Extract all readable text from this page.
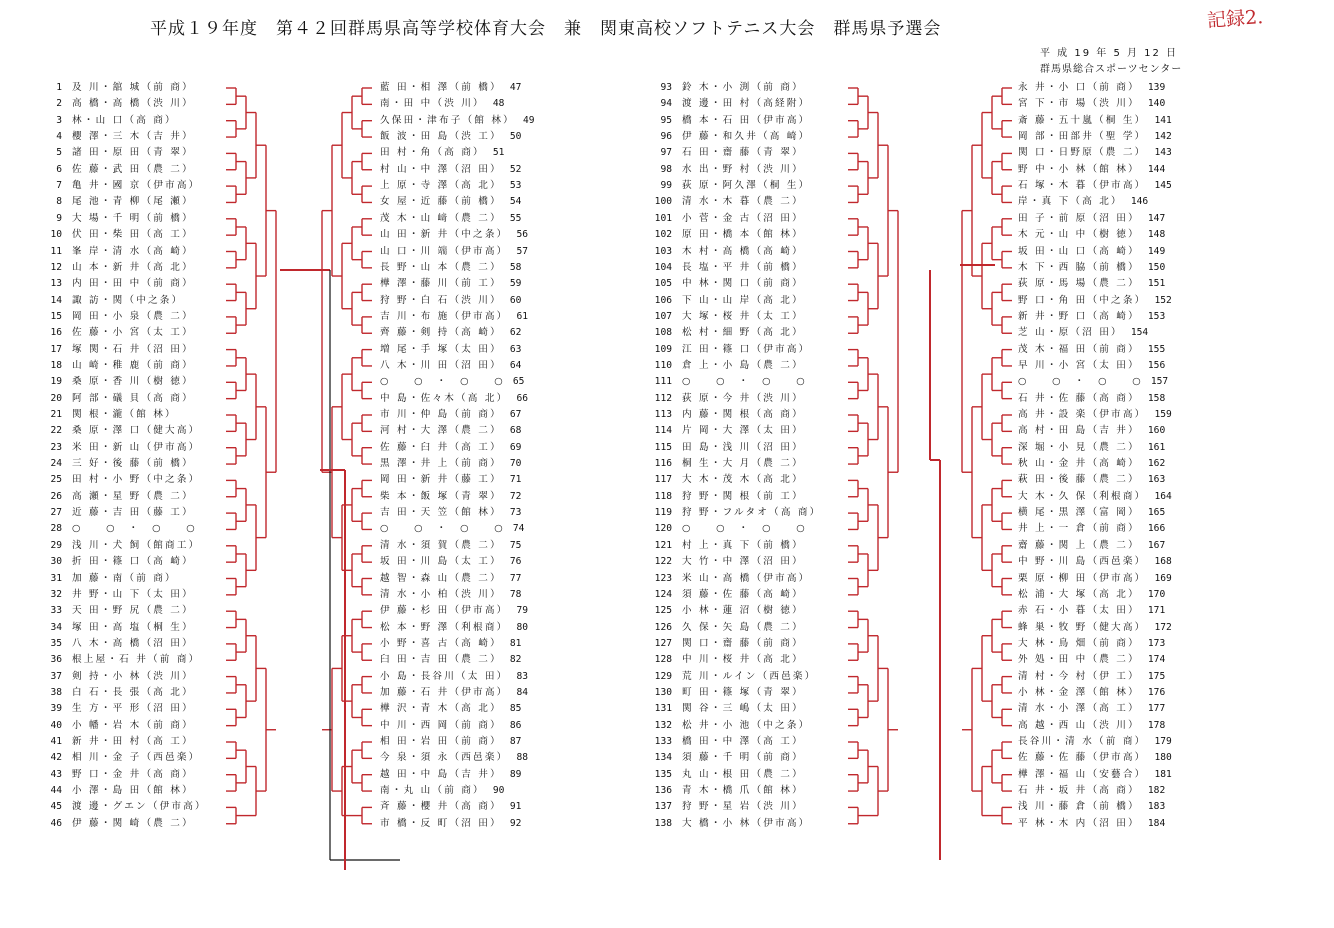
平成１９年度　第４２回群馬県高等学校体育大会　兼　関東高校ソフトテニス大会　群馬県予選会
平 成 19 年 5 月 12 日
群馬県総合スポーツセンター
記録2.
1 及 川・舘 城（前 商）
2 高 橋・高 橋（渋 川）
3 林・山 口（高 商）
4 櫻 澤・三 木（吉 井）
5 諸 田・原 田（青 翠）
6 佐 藤・武 田（農 二）
7 亀 井・國 京（伊市高）
8 尾 池・青 柳（尾 瀬）
9 大 場・千 明（前 橋）
10 伏 田・柴 田（高 工）
11 峯 岸・清 水（高 崎）
12 山 本・新 井（高 北）
13 内 田・田 中（前 商）
14 諏 訪・関（中之条）
15 岡 田・小 泉（農 二）
16 佐 藤・小 宮（太 工）
17 塚 関・石 井（沼 田）
18 山 崎・稚 鹿（前 商）
19 桑 原・香 川（樹 徳）
20 阿 部・礒 貝（高 商）
21 関 根・瀧（館 林）
22 桑 原・澤 口（健大高）
23 米 田・新 山（伊市高）
24 三 好・後 藤（前 橋）
25 田 村・小 野（中之条）
26 高 瀬・星 野（農 二）
27 近 藤・吉 田（藤 工）
28 ○　　○　・　○　　○
29 浅 川・犬 飼（館商工）
30 折 田・篠 口（高 崎）
31 加 藤・南（前 商）
32 井 野・山 下（太 田）
33 天 田・野 尻（農 二）
34 塚 田・高 塩（桐 生）
35 八 木・高 橋（沼 田）
36 根上屋・石 井（前 商）
37 剣 持・小 林（渋 川）
38 白 石・長 張（高 北）
39 生 方・平 形（沼 田）
40 小 幡・岩 木（前 商）
41 新 井・田 村（高 工）
42 相 川・金 子（西邑楽）
43 野 口・金 井（高 商）
44 小 澤・島 田（館 林）
45 渡 邊・グエン（伊市高）
46 伊 藤・関 崎（農 二）
藍 田・相 澤（前 橋） 47
南・田 中（渋 川） 48
久保田・津布子（館 林） 49
飯 波・田 島（渋 工） 50
田 村・角（高 商） 51
村 山・中 澤（沼 田） 52
上 原・寺 澤（高 北） 53
女 屋・近 藤（前 橋） 54
茂 木・山 﨑（農 二） 55
山 田・新 井（中之条） 56
山 口・川 端（伊市高） 57
長 野・山 本（農 二） 58
樺 澤・藤 川（前 工） 59
狩 野・白 石（渋 川） 60
吉 川・布 施（伊市高） 61
齊 藤・剣 持（高 崎） 62
増 尾・手 塚（太 田） 63
八 木・川 田（沼 田） 64
○　　○　・　○　　○ 65
中 島・佐々木（高 北） 66
市 川・仲 島（前 商） 67
河 村・大 澤（農 二） 68
佐 藤・臼 井（高 工） 69
黒 澤・井 上（前 商） 70
岡 田・新 井（藤 工） 71
柴 本・飯 塚（青 翠） 72
吉 田・天 笠（館 林） 73
○　　○　・　○　　○ 74
清 水・須 賀（農 二） 75
坂 田・川 島（太 工） 76
越 智・森 山（農 二） 77
清 水・小 柏（渋 川） 78
伊 藤・杉 田（伊市高） 79
松 本・野 澤（利根商） 80
小 野・喜 古（高 崎） 81
臼 田・吉 田（農 二） 82
小 島・長谷川（太 田） 83
加 藤・石 井（伊市高） 84
樺 沢・青 木（高 北） 85
中 川・西 岡（前 商） 86
相 田・岩 田（前 商） 87
今 泉・須 永（西邑楽） 88
越 田・中 島（吉 井） 89
南・丸 山（前 商） 90
斉 藤・櫻 井（高 商） 91
市 橋・反 町（沼 田） 92
93 鈴 木・小 渕（前 商）
94 渡 邊・田 村（高経附）
95 橋 本・石 田（伊市高）
96 伊 藤・和久井（高 崎）
97 石 田・齋 藤（青 翠）
98 水 出・野 村（渋 川）
99 荻 原・阿久澤（桐 生）
100 清 水・木 暮（農 二）
101 小 菅・金 古（沼 田）
102 原 田・橋 本（館 林）
103 木 村・高 橋（高 崎）
104 長 塩・平 井（前 橋）
105 中 林・関 口（前 商）
106 下 山・山 岸（高 北）
107 大 塚・桜 井（太 工）
108 松 村・細 野（高 北）
109 江 田・篠 口（伊市高）
110 倉 上・小 島（農 二）
111 ○　　○　・　○　　○
112 荻 原・今 井（渋 川）
113 内 藤・関 根（高 商）
114 片 岡・大 澤（太 田）
115 田 島・浅 川（沼 田）
116 桐 生・大 月（農 二）
117 大 木・茂 木（高 北）
118 狩 野・関 根（前 工）
119 狩 野・フルタオ（高 商）
120 ○　　○　・　○　　○
121 村 上・真 下（前 橋）
122 大 竹・中 澤（沼 田）
123 米 山・高 橋（伊市高）
124 須 藤・佐 藤（高 崎）
125 小 林・蓮 沼（樹 徳）
126 久 保・矢 島（農 二）
127 関 口・齋 藤（前 商）
128 中 川・桜 井（高 北）
129 荒 川・ルイン（西邑楽）
130 町 田・篠 塚（青 翠）
131 関 谷・三 嶋（太 田）
132 松 井・小 池（中之条）
133 橋 田・中 澤（高 工）
134 須 藤・千 明（前 商）
135 丸 山・根 田（農 二）
136 青 木・橋 爪（館 林）
137 狩 野・星 岩（渋 川）
138 大 橋・小 林（伊市高）
永 井・小 口（前 商） 139
宮 下・市 場（渋 川） 140
斎 藤・五十嵐（桐 生） 141
岡 部・田部井（聖 学） 142
関 口・日野原（農 二） 143
野 中・小 林（館 林） 144
石 塚・木 暮（伊市高） 145
岸・真 下（高 北） 146
田 子・前 原（沼 田） 147
木 元・山 中（樹 徳） 148
坂 田・山 口（高 崎） 149
木 下・西 脇（前 橋） 150
荻 原・馬 場（農 二） 151
野 口・角 田（中之条） 152
新 井・野 口（高 崎） 153
芝 山・原（沼 田） 154
茂 木・福 田（前 商） 155
早 川・小 宮（太 田） 156
○　　○　・　○　　○ 157
石 井・佐 藤（高 商） 158
高 井・設 楽（伊市高） 159
高 村・田 島（吉 井） 160
深 堀・小 見（農 二） 161
秋 山・金 井（高 崎） 162
萩 田・後 藤（農 二） 163
大 木・久 保（利根商） 164
横 尾・黒 澤（富 岡） 165
井 上・一 倉（前 商） 166
齋 藤・関 上（農 二） 167
中 野・川 島（西邑楽） 168
栗 原・柳 田（伊市高） 169
松 浦・大 塚（高 北） 170
赤 石・小 暮（太 田） 171
蜂 巣・牧 野（健大高） 172
大 林・鳥 畑（前 商） 173
外 処・田 中（農 二） 174
清 村・今 村（伊 工） 175
小 林・金 澤（館 林） 176
清 水・小 澤（高 工） 177
高 越・西 山（渋 川） 178
長谷川・清 水（前 商） 179
佐 藤・佐 藤（伊市高） 180
樺 澤・福 山（安藝合） 181
石 井・坂 井（高 商） 182
浅 川・藤 倉（前 橋） 183
平 林・木 内（沼 田） 184
